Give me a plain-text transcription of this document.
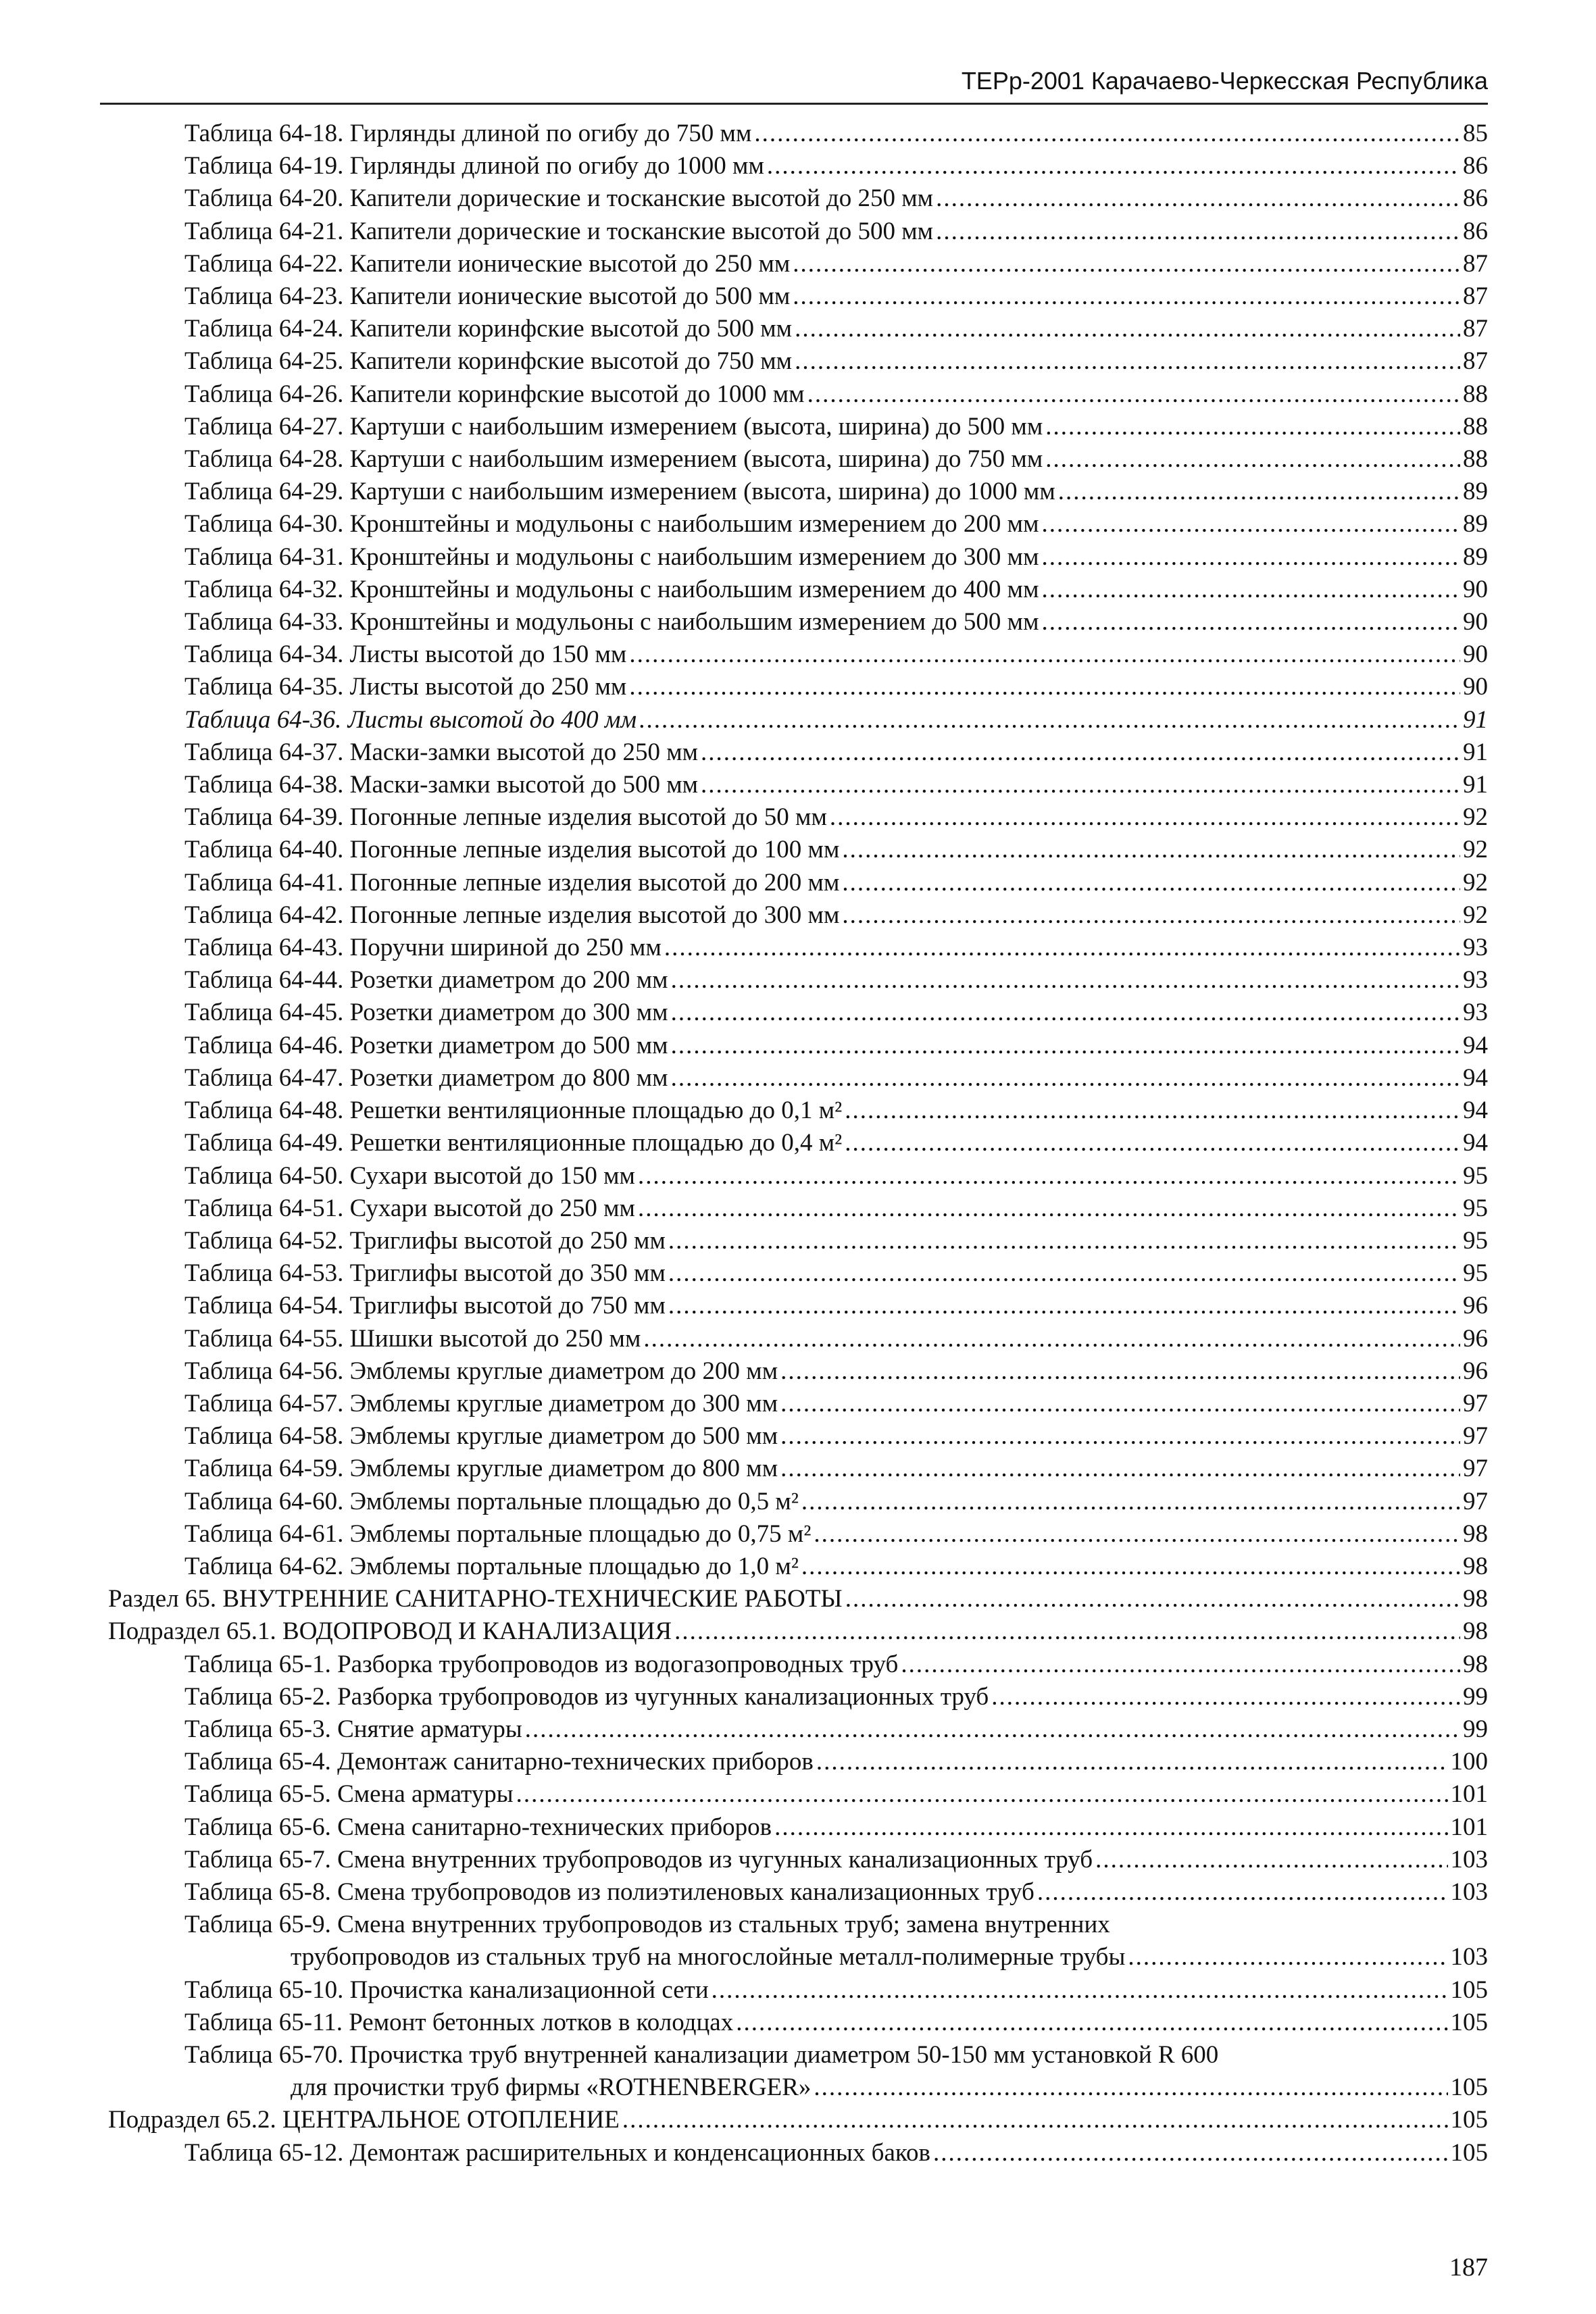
ТЕРр-2001 Карачаево-Черкесская Республика
Таблица 64-18. Гирлянды длиной по огибу до 750 мм .....	85
Таблица 64-19. Гирлянды длиной по огибу до 1000 мм .....	86
Таблица 64-20. Капители дорические и тосканские высотой до 250 мм .....	86
Таблица 64-21. Капители дорические и тосканские высотой до 500 мм .....	86
Таблица 64-22. Капители ионические высотой до 250 мм .....	87
Таблица 64-23. Капители ионические высотой до 500 мм .....	87
Таблица 64-24. Капители коринфские высотой до 500 мм .....	87
Таблица 64-25. Капители коринфские высотой до 750 мм .....	87
Таблица 64-26. Капители коринфские высотой до 1000 мм .....	88
Таблица 64-27. Картуши с наибольшим измерением (высота, ширина) до 500 мм .....	88
Таблица 64-28. Картуши с наибольшим измерением (высота, ширина) до 750 мм .....	88
Таблица 64-29. Картуши с наибольшим измерением (высота, ширина) до 1000 мм .....	89
Таблица 64-30. Кронштейны и модульоны с наибольшим измерением до 200 мм .....	89
Таблица 64-31. Кронштейны и модульоны с наибольшим измерением до 300 мм .....	89
Таблица 64-32. Кронштейны и модульоны с наибольшим измерением до 400 мм .....	90
Таблица 64-33. Кронштейны и модульоны с наибольшим измерением до 500 мм .....	90
Таблица 64-34. Листы высотой до 150 мм .....	90
Таблица 64-35. Листы высотой до 250 мм .....	90
Таблица 64-36. Листы высотой до 400 мм .....	91
Таблица 64-37. Маски-замки высотой до 250 мм .....	91
Таблица 64-38. Маски-замки высотой до 500 мм .....	91
Таблица 64-39. Погонные лепные изделия высотой до 50 мм .....	92
Таблица 64-40. Погонные лепные изделия высотой до 100 мм .....	92
Таблица 64-41. Погонные лепные изделия высотой до 200 мм .....	92
Таблица 64-42. Погонные лепные изделия высотой до 300 мм .....	92
Таблица 64-43. Поручни шириной до 250 мм .....	93
Таблица 64-44. Розетки диаметром до 200 мм .....	93
Таблица 64-45. Розетки диаметром до 300 мм .....	93
Таблица 64-46. Розетки диаметром до 500 мм .....	94
Таблица 64-47. Розетки диаметром до 800 мм .....	94
Таблица 64-48. Решетки вентиляционные площадью до 0,1 м² .....	94
Таблица 64-49. Решетки вентиляционные площадью до 0,4 м² .....	94
Таблица 64-50. Сухари высотой до 150 мм .....	95
Таблица 64-51. Сухари высотой до 250 мм .....	95
Таблица 64-52. Триглифы высотой до 250 мм .....	95
Таблица 64-53. Триглифы высотой до 350 мм .....	95
Таблица 64-54. Триглифы высотой до 750 мм .....	96
Таблица 64-55. Шишки высотой до 250 мм .....	96
Таблица 64-56. Эмблемы круглые диаметром до 200 мм .....	96
Таблица 64-57. Эмблемы круглые диаметром до 300 мм .....	97
Таблица 64-58. Эмблемы круглые диаметром до 500 мм .....	97
Таблица 64-59. Эмблемы круглые диаметром до 800 мм .....	97
Таблица 64-60. Эмблемы портальные площадью до 0,5 м² .....	97
Таблица 64-61. Эмблемы портальные площадью до 0,75 м² .....	98
Таблица 64-62. Эмблемы портальные площадью до 1,0 м² .....	98
Раздел 65. ВНУТРЕННИЕ САНИТАРНО-ТЕХНИЧЕСКИЕ РАБОТЫ .....	98
Подраздел 65.1. ВОДОПРОВОД И КАНАЛИЗАЦИЯ .....	98
Таблица 65-1. Разборка трубопроводов из водогазопроводных труб .....	98
Таблица 65-2. Разборка трубопроводов из чугунных канализационных труб .....	99
Таблица 65-3. Снятие арматуры .....	99
Таблица 65-4. Демонтаж санитарно-технических приборов .....	100
Таблица 65-5. Смена арматуры .....	101
Таблица 65-6. Смена санитарно-технических приборов .....	101
Таблица 65-7. Смена внутренних трубопроводов из чугунных канализационных труб .....	103
Таблица 65-8. Смена трубопроводов из полиэтиленовых канализационных труб .....	103
Таблица 65-9. Смена внутренних трубопроводов из стальных труб; замена внутренних
трубопроводов из стальных труб на многослойные металл-полимерные трубы .....	103
Таблица 65-10. Прочистка канализационной сети .....	105
Таблица 65-11. Ремонт бетонных лотков в колодцах .....	105
Таблица 65-70. Прочистка труб внутренней канализации диаметром 50-150 мм установкой R 600
для прочистки труб фирмы «ROTHENBERGER» .....	105
Подраздел 65.2. ЦЕНТРАЛЬНОЕ ОТОПЛЕНИЕ .....	105
Таблица 65-12. Демонтаж расширительных и конденсационных баков .....	105
187
